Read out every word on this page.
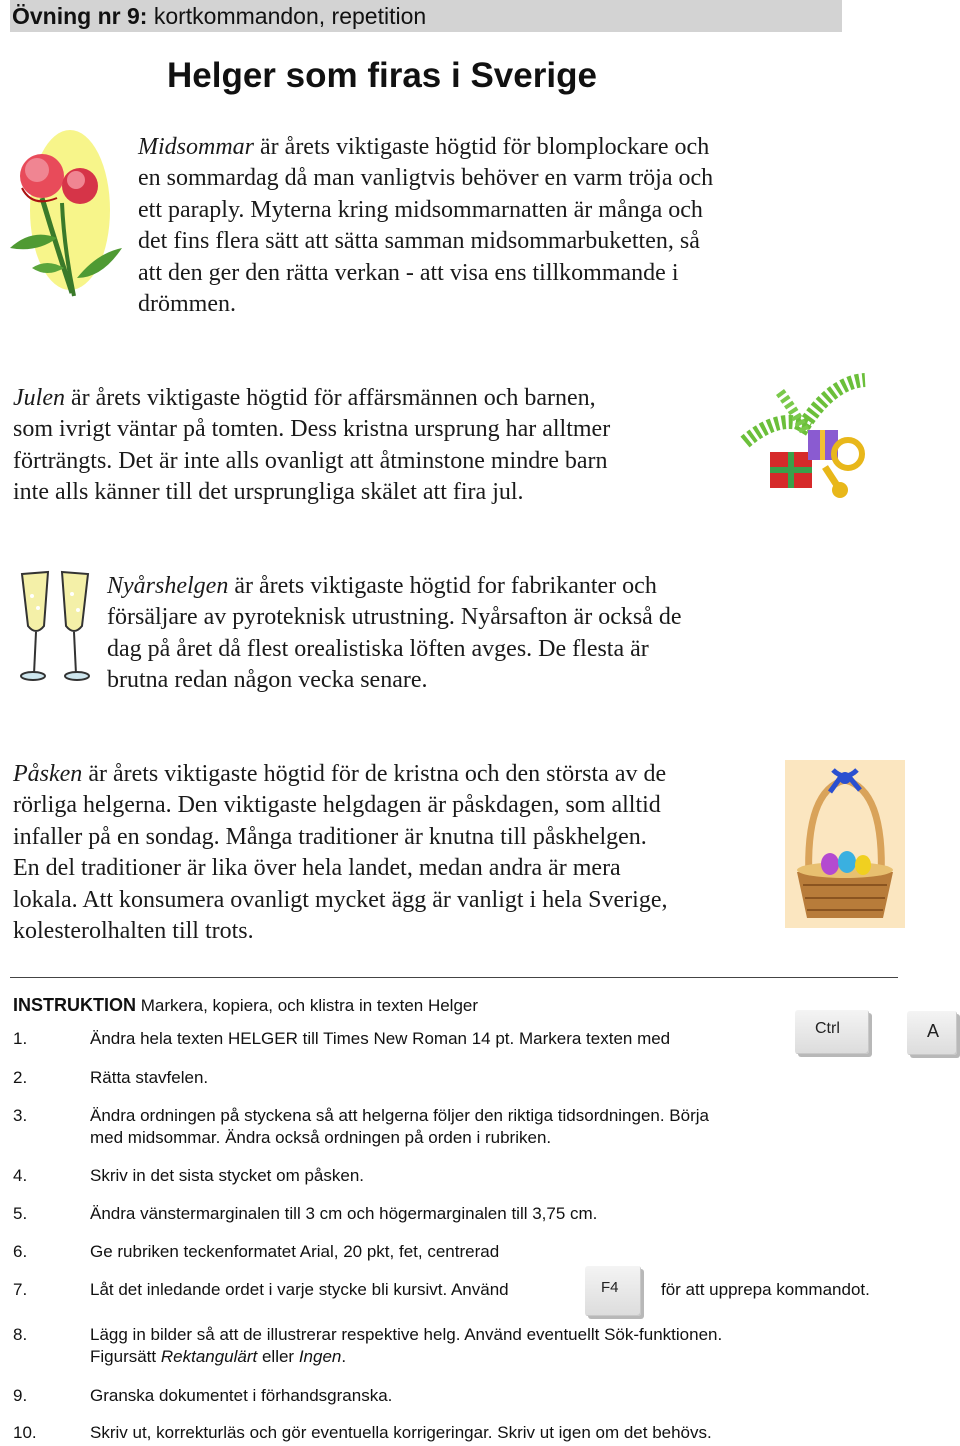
Övning nr 9: kortkommandon, repetition
Helger som firas i Sverige
Midsommar är årets viktigaste högtid för blomplockare och
en sommardag då man vanligtvis behöver en varm tröja och
ett paraply. Myterna kring midsommarnatten är många och
det fins flera sätt att sätta samman midsommarbuketten, så
att den ger den rätta verkan - att visa ens tillkommande i
drömmen.
Julen är årets viktigaste högtid för affärsmännen och barnen,
som ivrigt väntar på tomten. Dess kristna ursprung har alltmer
förträngts. Det är inte alls ovanligt att åtminstone mindre barn
inte alls känner till det ursprungliga skälet att fira jul.
Nyårshelgen är årets viktigaste högtid for fabrikanter och
försäljare av pyroteknisk utrustning. Nyårsafton är också de
dag på året då flest orealistiska löften avges. De flesta är
brutna redan någon vecka senare.
Påsken är årets viktigaste högtid för de kristna och den största av de
rörliga helgerna. Den viktigaste helgdagen är påskdagen, som alltid
infaller på en sondag. Många traditioner är knutna till påskhelgen.
En del traditioner är lika över hela landet, medan andra är mera
lokala. Att konsumera ovanligt mycket ägg är vanligt i hela Sverige,
kolesterolhalten till trots.
INSTRUKTION Markera, kopiera, och klistra in texten Helger
1.	Ändra hela texten HELGER till Times New Roman 14 pt. Markera texten med
2.	Rätta stavfelen.
3.	Ändra ordningen på styckena så att helgerna följer den riktiga tidsordningen. Börja
med midsommar. Ändra också ordningen på orden i rubriken.
4.	Skriv in det sista stycket om påsken.
5.	Ändra vänstermarginalen till 3 cm och högermarginalen till 3,75 cm.
6.	Ge rubriken teckenformatet Arial, 20 pkt, fet, centrerad
7.	Låt det inledande ordet i varje stycke bli kursivt. Använd	för att upprepa kommandot.
8.	Lägg in bilder så att de illustrerar respektive helg. Använd eventuellt Sök-funktionen.
Figursätt Rektangulärt eller Ingen.
9.	Granska dokumentet i förhandsgranska.
10.	Skriv ut, korrekturläs och gör eventuella korrigeringar. Skriv ut igen om det behövs.
Ctrl	A
F4
